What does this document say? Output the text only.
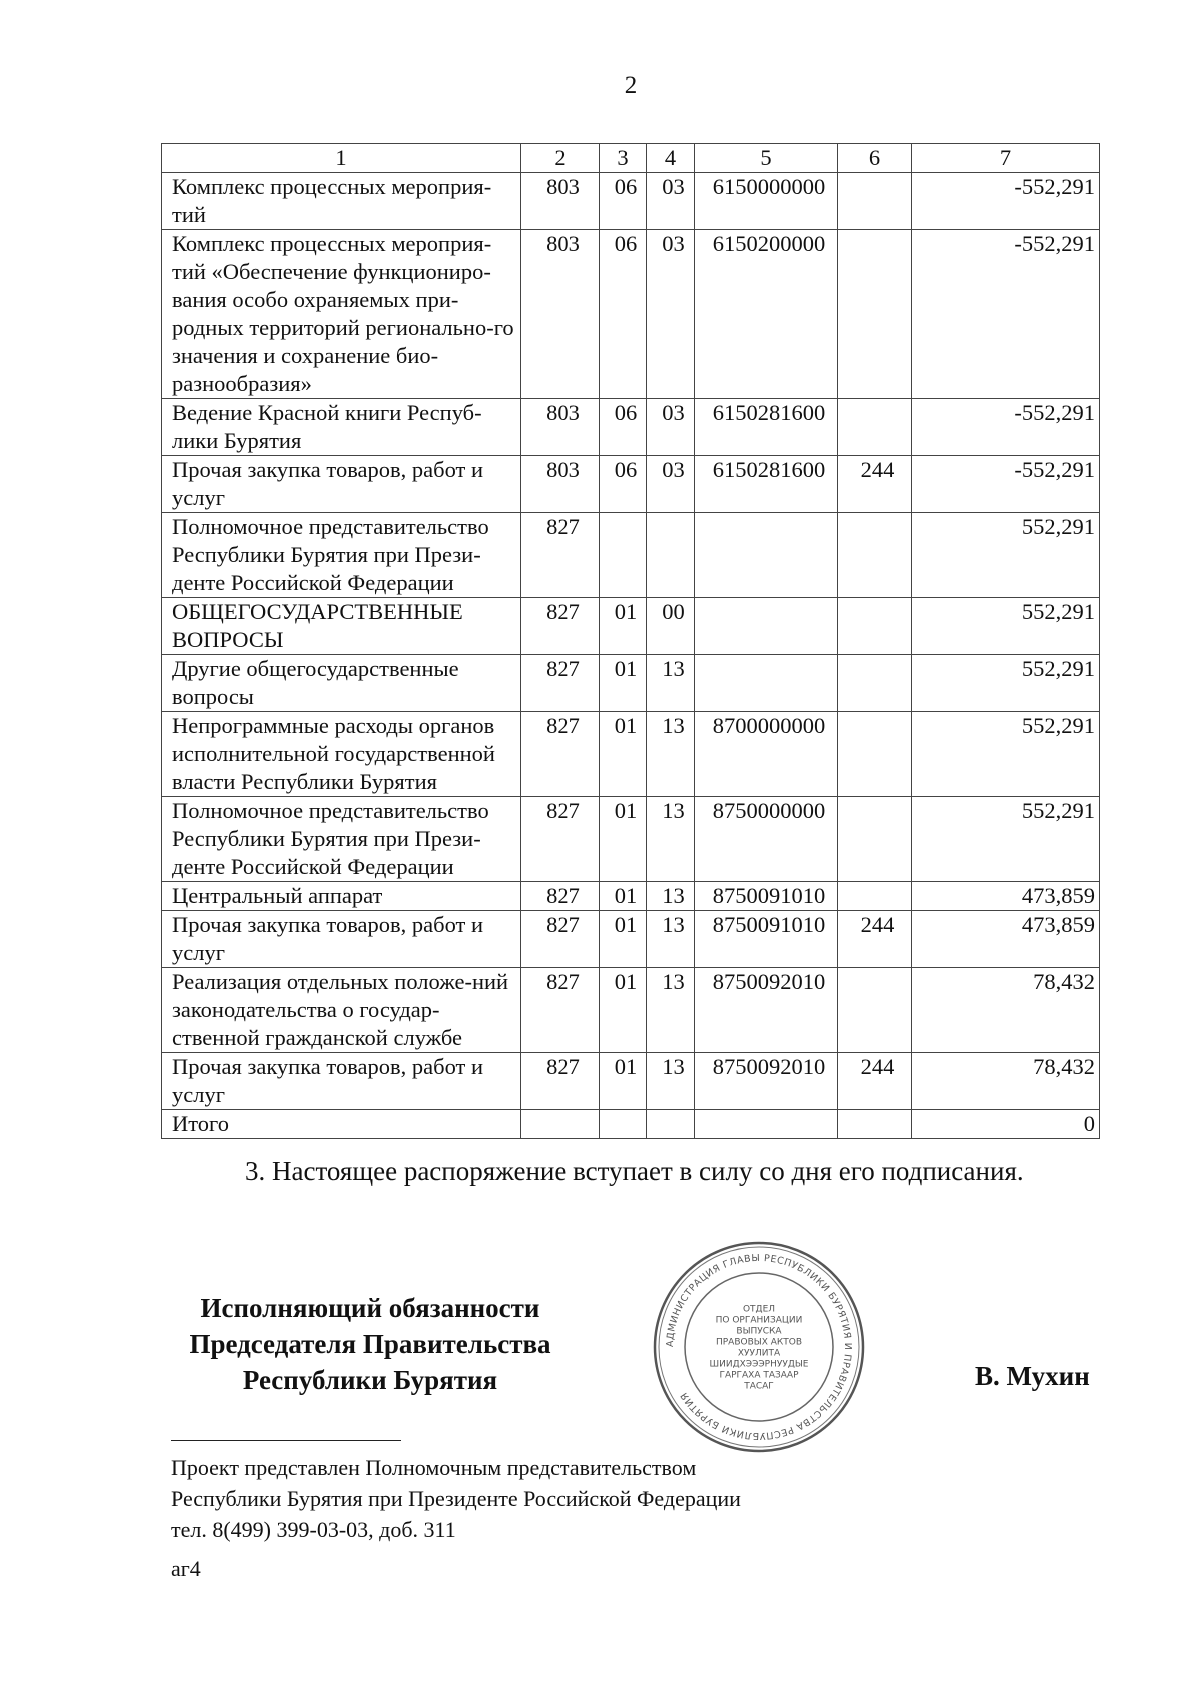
2
1	2	3	4	5	6	7
Комплекс процессных мероприя-тий	803	06	03	6150000000		-552,291
Комплекс процессных мероприя-тий «Обеспечение функциониро-вания особо охраняемых при-родных территорий регионально-го значения и сохранение био-разнообразия»	803	06	03	6150200000		-552,291
Ведение Красной книги Респуб-лики Бурятия	803	06	03	6150281600		-552,291
Прочая закупка товаров, работ и услуг	803	06	03	6150281600	244	-552,291
Полномочное представительство Республики Бурятия при Прези-денте Российской Федерации	827					552,291
ОБЩЕГОСУДАРСТВЕННЫЕ ВОПРОСЫ	827	01	00			552,291
Другие общегосударственные вопросы	827	01	13			552,291
Непрограммные расходы органов исполнительной государственной власти Республики Бурятия	827	01	13	8700000000		552,291
Полномочное представительство Республики Бурятия при Прези-денте Российской Федерации	827	01	13	8750000000		552,291
Центральный аппарат	827	01	13	8750091010		473,859
Прочая закупка товаров, работ и услуг	827	01	13	8750091010	244	473,859
Реализация отдельных положе-ний законодательства о государ-ственной гражданской службе	827	01	13	8750092010		78,432
Прочая закупка товаров, работ и услуг	827	01	13	8750092010	244	78,432
Итого						0
3. Настоящее распоряжение вступает в силу со дня его подписания.
Исполняющий обязанности
Председателя Правительства
Республики Бурятия
АДМИНИСТРАЦИЯ ГЛАВЫ РЕСПУБЛИКИ БУРЯТИЯ И ПРАВИТЕЛЬСТВА РЕСПУБЛИКИ БУРЯТИЯ
ОТДЕЛ
ПО ОРГАНИЗАЦИИ
ВЫПУСКА
ПРАВОВЫХ АКТОВ
ХУУЛИТА
ШИИДХЭЭЭРНУУДЫЕ
ГАРГАХА ТАЗААР
ТАСАГ	В. Мухин
Проект представлен Полномочным представительством
Республики Бурятия при Президенте Российской Федерации
тел. 8(499) 399-03-03, доб. 311
аг4
